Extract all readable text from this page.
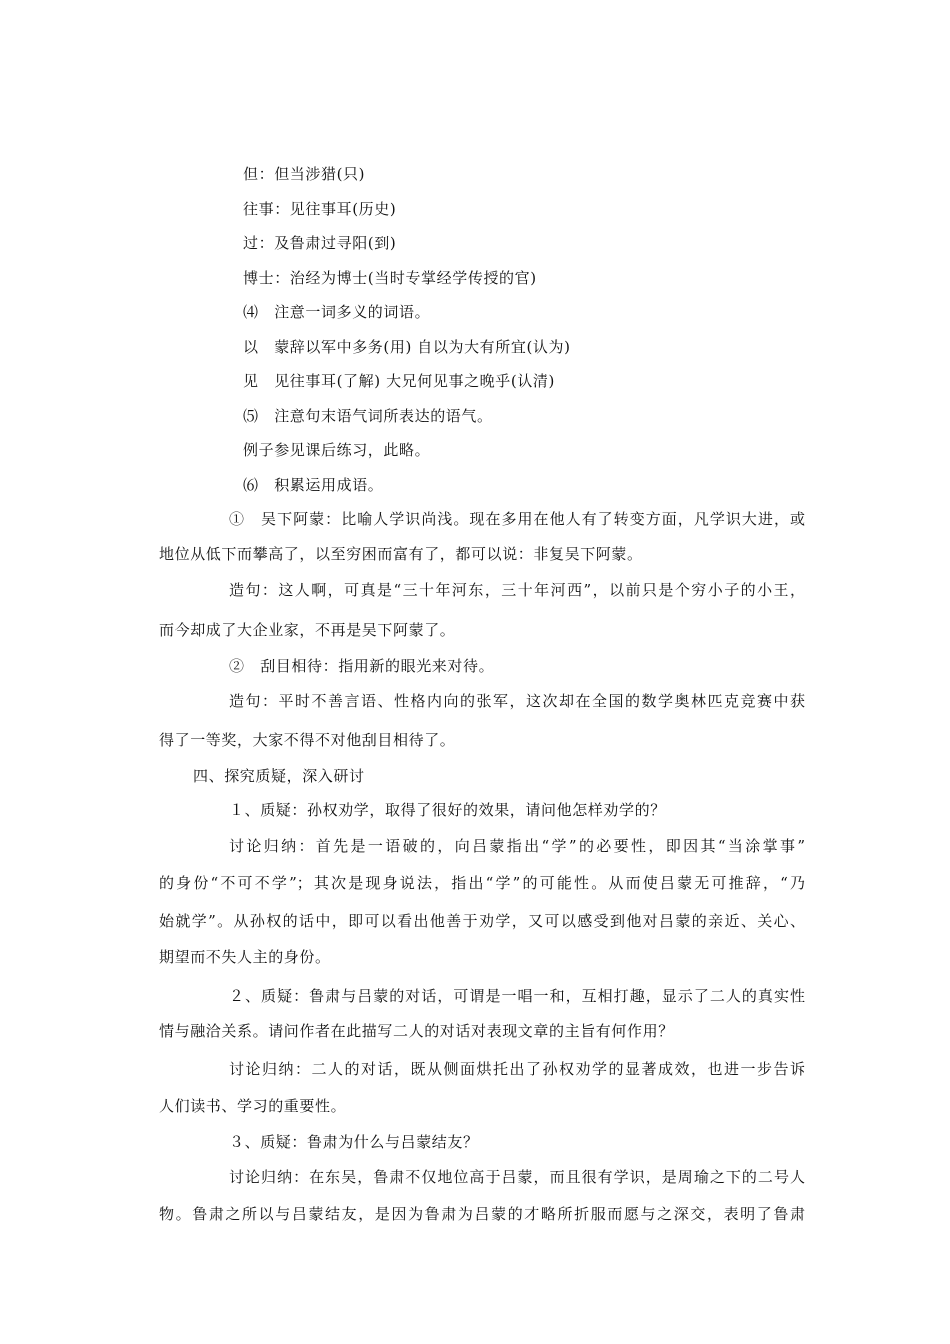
但：但当涉猎(只)
往事：见往事耳(历史)
过：及鲁肃过寻阳(到)
博士：治经为博士(当时专掌经学传授的官)
⑷　注意一词多义的词语。
以　蒙辞以军中多务(用) 自以为大有所宜(认为)
见　见往事耳(了解) 大兄何见事之晚乎(认清)
⑸　注意句末语气词所表达的语气。
例子参见课后练习，此略。
⑹　积累运用成语。
①　吴下阿蒙：比喻人学识尚浅。现在多用在他人有了转变方面，凡学识大进，或
地位从低下而攀高了，以至穷困而富有了，都可以说：非复吴下阿蒙。
造句：这人啊，可真是“三十年河东，三十年河西”，以前只是个穷小子的小王，
而今却成了大企业家，不再是吴下阿蒙了。
②　刮目相待：指用新的眼光来对待。
造句：平时不善言语、性格内向的张军，这次却在全国的数学奥林匹克竞赛中获
得了一等奖，大家不得不对他刮目相待了。
四、探究质疑，深入研讨
１、质疑：孙权劝学，取得了很好的效果，请问他怎样劝学的？
讨论归纳：首先是一语破的，向吕蒙指出“学”的必要性，即因其“当涂掌事”
的身份“不可不学”；其次是现身说法，指出“学”的可能性。从而使吕蒙无可推辞，“乃
始就学”。从孙权的话中，即可以看出他善于劝学，又可以感受到他对吕蒙的亲近、关心、
期望而不失人主的身份。
２、质疑：鲁肃与吕蒙的对话，可谓是一唱一和，互相打趣，显示了二人的真实性
情与融洽关系。请问作者在此描写二人的对话对表现文章的主旨有何作用？
讨论归纳：二人的对话，既从侧面烘托出了孙权劝学的显著成效，也进一步告诉
人们读书、学习的重要性。
３、质疑：鲁肃为什么与吕蒙结友？
讨论归纳：在东吴，鲁肃不仅地位高于吕蒙，而且很有学识，是周瑜之下的二号人
物。鲁肃之所以与吕蒙结友，是因为鲁肃为吕蒙的才略所折服而愿与之深交，表明了鲁肃
